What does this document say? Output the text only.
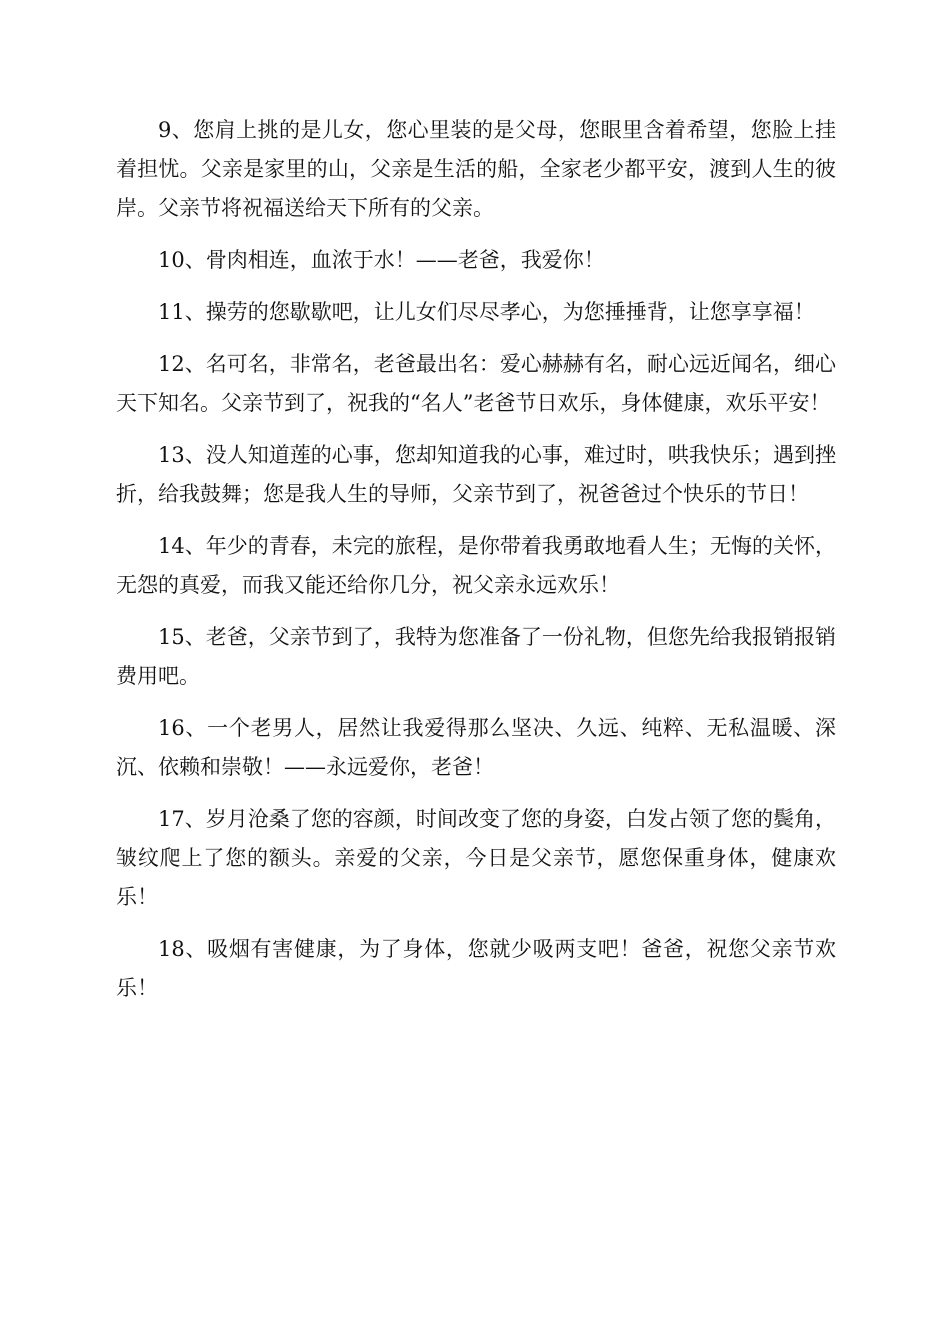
9、您肩上挑的是儿女，您心里装的是父母，您眼里含着希望，您脸上挂着担忧。父亲是家里的山，父亲是生活的船，全家老少都平安，渡到人生的彼岸。父亲节将祝福送给天下所有的父亲。

10、骨肉相连，血浓于水！——老爸，我爱你！

11、操劳的您歇歇吧，让儿女们尽尽孝心，为您捶捶背，让您享享福！

12、名可名，非常名，老爸最出名：爱心赫赫有名，耐心远近闻名，细心天下知名。父亲节到了，祝我的“名人”老爸节日欢乐，身体健康，欢乐平安！

13、没人知道莲的心事，您却知道我的心事，难过时，哄我快乐；遇到挫折，给我鼓舞；您是我人生的导师，父亲节到了，祝爸爸过个快乐的节日！

14、年少的青春，未完的旅程，是你带着我勇敢地看人生；无悔的关怀，无怨的真爱，而我又能还给你几分，祝父亲永远欢乐！

15、老爸，父亲节到了，我特为您准备了一份礼物，但您先给我报销报销费用吧。

16、一个老男人，居然让我爱得那么坚决、久远、纯粹、无私温暖、深沉、依赖和崇敬！——永远爱你，老爸！

17、岁月沧桑了您的容颜，时间改变了您的身姿，白发占领了您的鬓角，皱纹爬上了您的额头。亲爱的父亲，今日是父亲节，愿您保重身体，健康欢乐！

18、吸烟有害健康，为了身体，您就少吸两支吧！爸爸，祝您父亲节欢乐！
